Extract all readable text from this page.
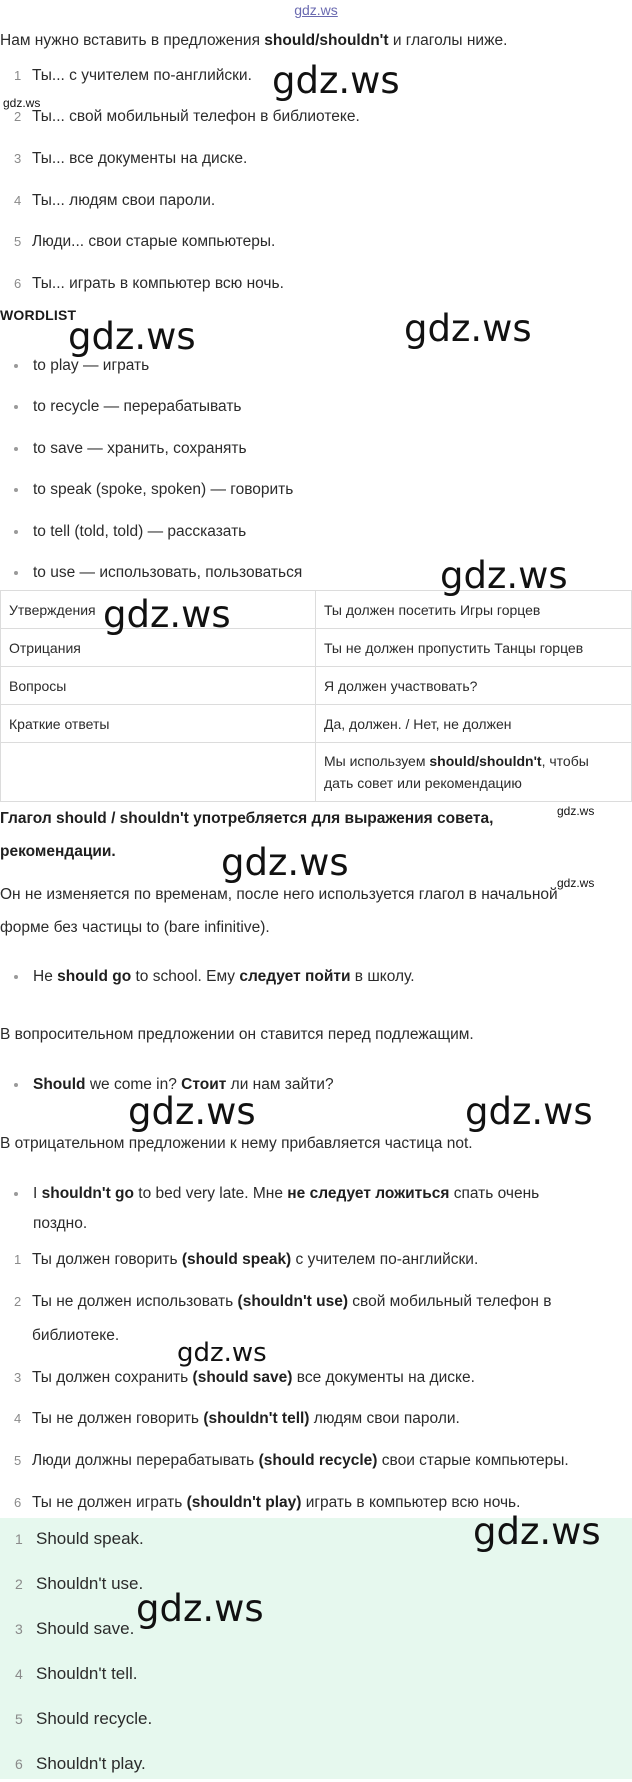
gdz.ws
Нам нужно вставить в предложения should/shouldn't и глаголы ниже.
1 Ты... с учителем по-английски.
2 Ты... свой мобильный телефон в библиотеке.
3 Ты... все документы на диске.
4 Ты... людям свои пароли.
5 Люди... свои старые компьютеры.
6 Ты... играть в компьютер всю ночь.
WORDLIST
to play — играть
to recycle — перерабатывать
to save — хранить, сохранять
to speak (spoke, spoken) — говорить
to tell (told, told) — рассказать
to use — использовать, пользоваться
Утверждения	Ты должен посетить Игры горцев
Отрицания	Ты не должен пропустить Танцы горцев
Вопросы	Я должен участвовать?
Краткие ответы	Да, должен. / Нет, не должен
	Мы используем should/shouldn't, чтобы
дать совет или рекомендацию
Глагол should / shouldn't употребляется для выражения совета,
рекомендации.
Он не изменяется по временам, после него используется глагол в начальной
форме без частицы to (bare infinitive).
He should go to school. Ему следует пойти в школу.
В вопросительном предложении он ставится перед подлежащим.
Should we come in? Стоит ли нам зайти?
В отрицательном предложении к нему прибавляется частица not.
I shouldn't go to bed very late. Мне не следует ложиться спать очень
поздно.
1 Ты должен говорить (should speak) с учителем по-английски.
2 Ты не должен использовать (shouldn't use) свой мобильный телефон в
библиотеке.
3 Ты должен сохранить (should save) все документы на диске.
4 Ты не должен говорить (shouldn't tell) людям свои пароли.
5 Люди должны перерабатывать (should recycle) свои старые компьютеры.
6 Ты не должен играть (shouldn't play) играть в компьютер всю ночь.
1 Should speak.
2 Shouldn't use.
3 Should save.
4 Shouldn't tell.
5 Should recycle.
6 Shouldn't play.
gdz.ws
gdz.ws
gdz.ws
gdz.ws
gdz.ws	gdz.ws
gdz.ws
gdz.ws
gdz.ws
gdz.ws	gdz.ws
gdz.ws
gdz.ws
gdz.ws
